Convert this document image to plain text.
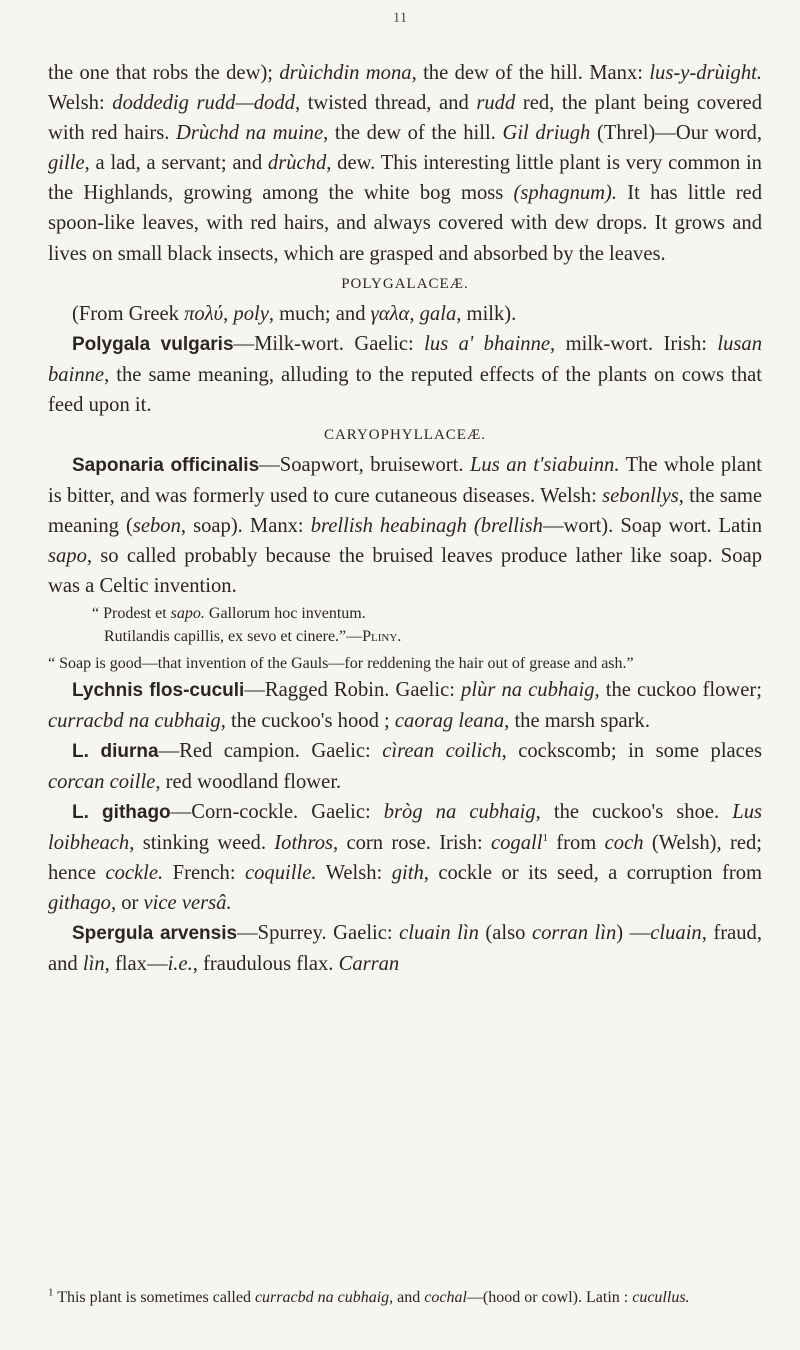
11

the one that robs the dew); drùichdin mona, the dew of the hill. Manx: lus-y-drùight. Welsh: doddedig rudd—dodd, twisted thread, and rudd red, the plant being covered with red hairs. Drùchd na muine, the dew of the hill. Gil driugh (Threl)—Our word, gille, a lad, a servant; and drùchd, dew. This interesting little plant is very common in the Highlands, growing among the white bog moss (sphagnum). It has little red spoon-like leaves, with red hairs, and always covered with dew drops. It grows and lives on small black insects, which are grasped and absorbed by the leaves.

POLYGALACEÆ.

(From Greek πολύ, poly, much; and γαλα, gala, milk).

Polygala vulgaris—Milk-wort. Gaelic: lus a' bhainne, milk-wort. Irish: lusan bainne, the same meaning, alluding to the reputed effects of the plants on cows that feed upon it.

CARYOPHYLLACEÆ.

Saponaria officinalis—Soapwort, bruisewort. Lus an t'siabuinn. The whole plant is bitter, and was formerly used to cure cutaneous diseases. Welsh: sebonllys, the same meaning (sebon, soap). Manx: brellish heabinagh (brellish—wort). Soap wort. Latin sapo, so called probably because the bruised leaves produce lather like soap. Soap was a Celtic invention.

“ Prodest et sapo. Gallorum hoc inventum.
Rutilandis capillis, ex sevo et cinere.”—Pliny.

“ Soap is good—that invention of the Gauls—for reddening the hair out of grease and ash.”

Lychnis flos-cuculi—Ragged Robin. Gaelic: plùr na cubhaig, the cuckoo flower; curracbd na cubhaig, the cuckoo's hood ; caorag leana, the marsh spark.

L. diurna—Red campion. Gaelic: cìrean coilich, cockscomb; in some places corcan coille, red woodland flower.

L. githago—Corn-cockle. Gaelic: bròg na cubhaig, the cuckoo's shoe. Lus loibheach, stinking weed. Iothros, corn rose. Irish: cogall$^1$ from coch (Welsh), red; hence cockle. French: coquille. Welsh: gith, cockle or its seed, a corruption from githago, or vice versâ.

Spergula arvensis—Spurrey. Gaelic: cluain lìn (also corran lìn) —cluain, fraud, and lìn, flax—i.e., fraudulous flax. Carran

$^1$ This plant is sometimes called curracbd na cubhaig, and cochal—(hood or cowl). Latin : cucullus.
